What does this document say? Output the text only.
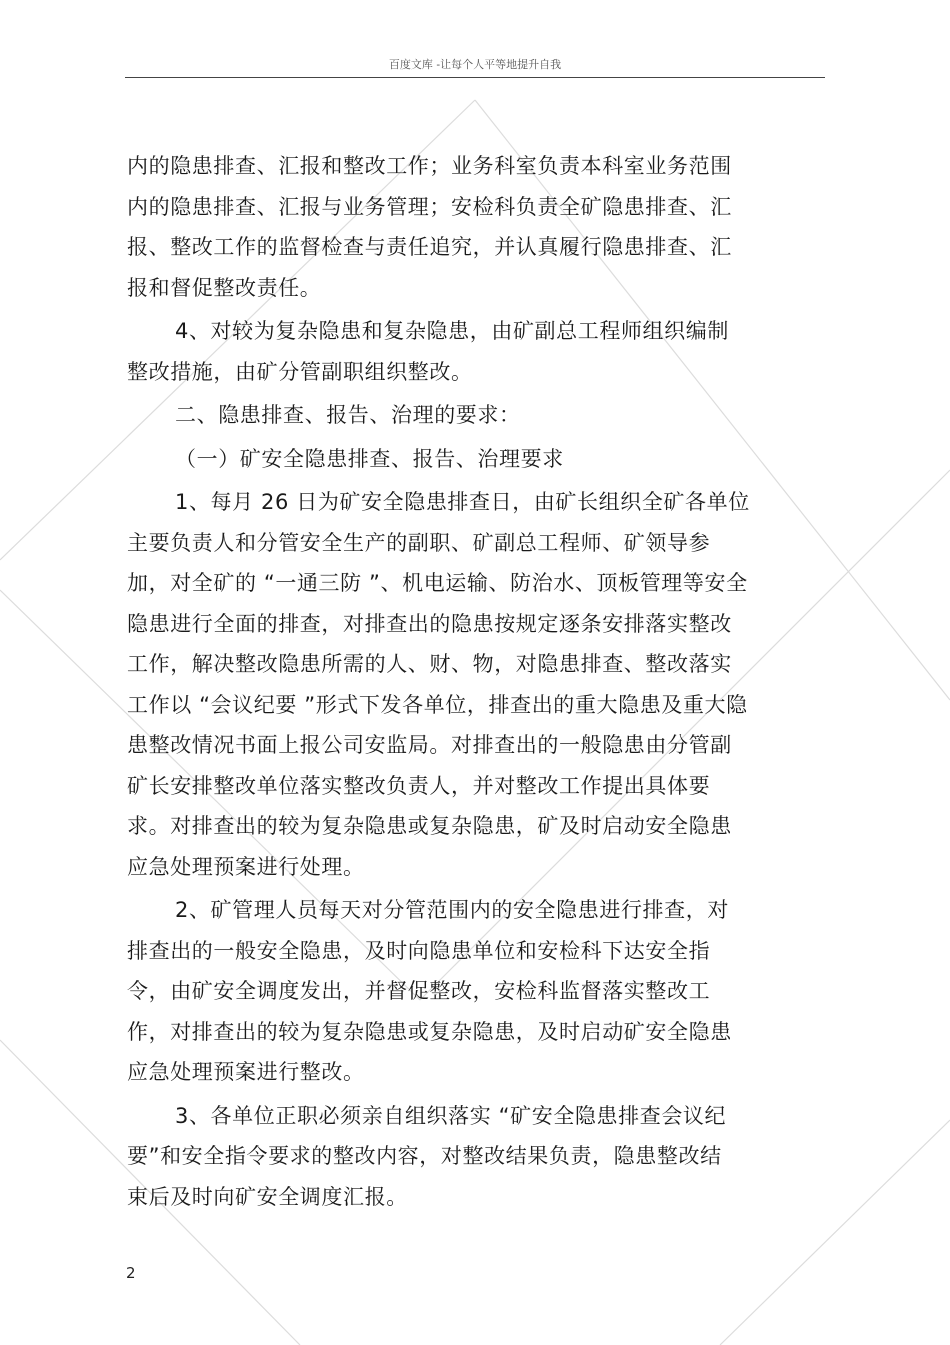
百度文库 -让每个人平等地提升自我

内的隐患排查、汇报和整改工作；业务科室负责本科室业务范围

内的隐患排查、汇报与业务管理；安检科负责全矿隐患排查、汇

报、整改工作的监督检查与责任追究，并认真履行隐患排查、汇

报和督促整改责任。

4、对较为复杂隐患和复杂隐患，由矿副总工程师组织编制

整改措施，由矿分管副职组织整改。

二、隐患排查、报告、治理的要求：

（一）矿安全隐患排查、报告、治理要求

1、每月 26 日为矿安全隐患排查日，由矿长组织全矿各单位

主要负责人和分管安全生产的副职、矿副总工程师、矿领导参

加，对全矿的 “一通三防 ”、机电运输、防治水、顶板管理等安全

隐患进行全面的排查，对排查出的隐患按规定逐条安排落实整改

工作，解决整改隐患所需的人、财、物，对隐患排查、整改落实

工作以 “会议纪要 ”形式下发各单位，排查出的重大隐患及重大隐

患整改情况书面上报公司安监局。对排查出的一般隐患由分管副

矿长安排整改单位落实整改负责人，并对整改工作提出具体要

求。对排查出的较为复杂隐患或复杂隐患，矿及时启动安全隐患

应急处理预案进行处理。

2、矿管理人员每天对分管范围内的安全隐患进行排查，对

排查出的一般安全隐患，及时向隐患单位和安检科下达安全指

令，由矿安全调度发出，并督促整改，安检科监督落实整改工

作，对排查出的较为复杂隐患或复杂隐患，及时启动矿安全隐患

应急处理预案进行整改。

3、各单位正职必须亲自组织落实 “矿安全隐患排查会议纪

要”和安全指令要求的整改内容，对整改结果负责，隐患整改结

束后及时向矿安全调度汇报。

2
